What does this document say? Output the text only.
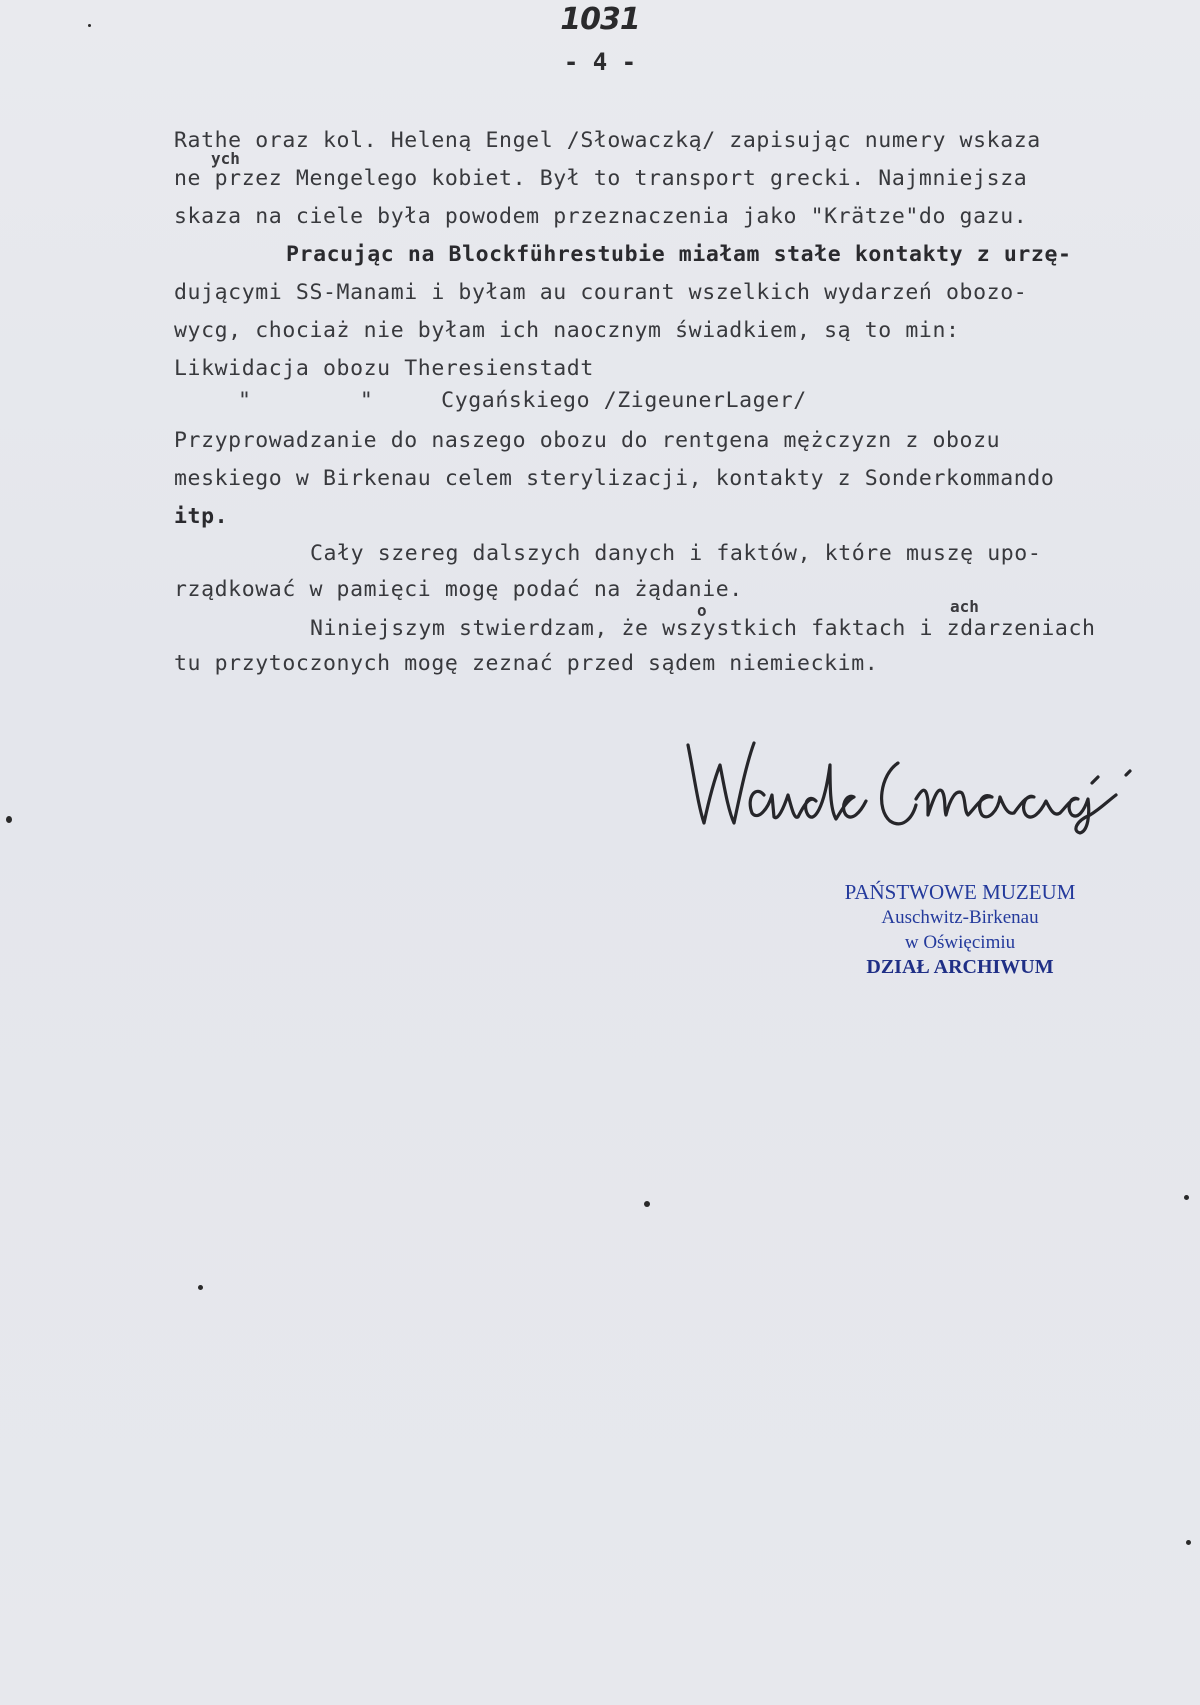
1031
- 4 -
Rathe oraz kol. Heleną Engel /Słowaczką/ zapisując numery wskaza
ych
ne przez Mengelego kobiet. Był to transport grecki. Najmniejsza
skaza na ciele była powodem przeznaczenia jako "Krätze"do gazu.
Pracując na Blockführestubie miałam stałe kontakty z urzę-
dującymi SS-Manami i byłam au courant wszelkich wydarzeń obozo-
wycg, chociaż nie byłam ich naocznym świadkiem, są to min:
Likwidacja obozu Theresienstadt
"        "     Cygańskiego /ZigeunerLager/
Przyprowadzanie do naszego obozu do rentgena mężczyzn z obozu
meskiego w Birkenau celem sterylizacji, kontakty z Sonderkommando
itp.
Cały szereg dalszych danych i faktów, które muszę upo-
rządkować w pamięci mogę podać na żądanie.
o	ach
Niniejszym stwierdzam, że wszystkich faktach i zdarzeniach
tu przytoczonych mogę zeznać przed sądem niemieckim.
PAŃSTWOWE MUZEUM
Auschwitz-Birkenau
w Oświęcimiu
DZIAŁ ARCHIWUM
